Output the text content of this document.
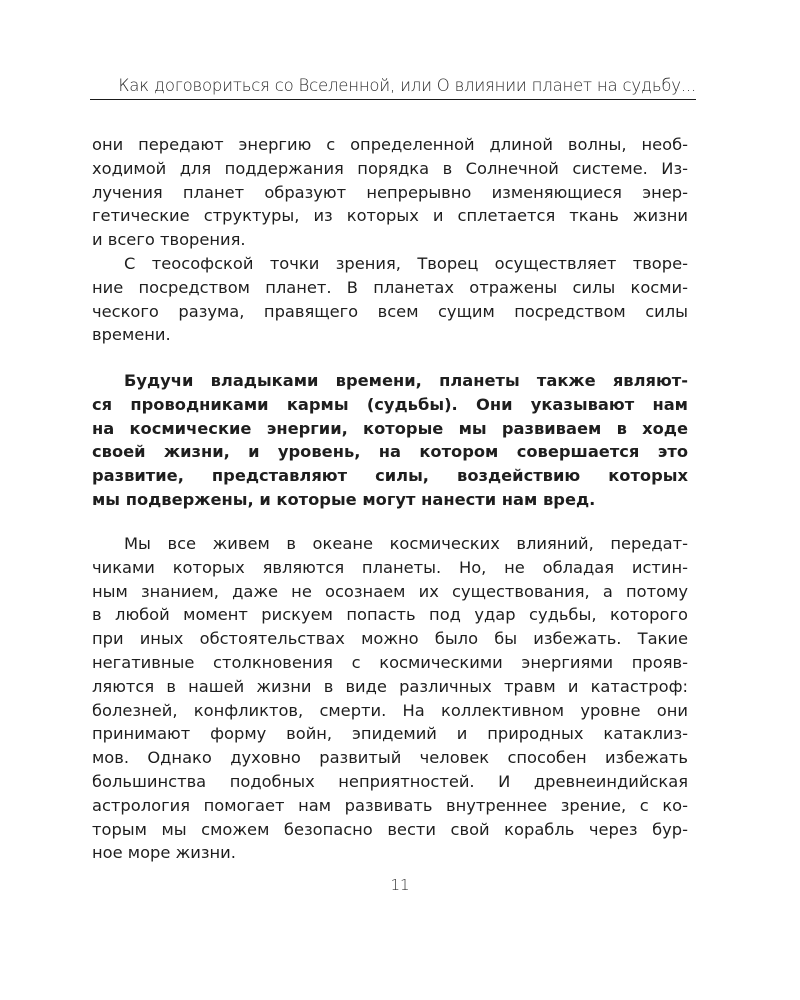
Как договориться со Вселенной, или О влиянии планет на судьбу...
они передают энергию с определенной длиной волны, необ-
ходимой для поддержания порядка в Солнечной системе. Из-
лучения планет образуют непрерывно изменяющиеся энер-
гетические структуры, из которых и сплетается ткань жизни
и всего творения.
С теософской точки зрения, Творец осуществляет творе-
ние посредством планет. В планетах отражены силы косми-
ческого разума, правящего всем сущим посредством силы
времени.
Будучи владыками времени, планеты также являют-
ся проводниками кармы (судьбы). Они указывают нам
на космические энергии, которые мы развиваем в ходе
своей жизни, и уровень, на котором совершается это
развитие, представляют силы, воздействию которых
мы подвержены, и которые могут нанести нам вред.
Мы все живем в океане космических влияний, передат-
чиками которых являются планеты. Но, не обладая истин-
ным знанием, даже не осознаем их существования, а потому
в любой момент рискуем попасть под удар судьбы, которого
при иных обстоятельствах можно было бы избежать. Такие
негативные столкновения с космическими энергиями прояв-
ляются в нашей жизни в виде различных травм и катастроф:
болезней, конфликтов, смерти. На коллективном уровне они
принимают форму войн, эпидемий и природных катаклиз-
мов. Однако духовно развитый человек способен избежать
большинства подобных неприятностей. И древнеиндийская
астрология помогает нам развивать внутреннее зрение, с ко-
торым мы сможем безопасно вести свой корабль через бур-
ное море жизни.
11
